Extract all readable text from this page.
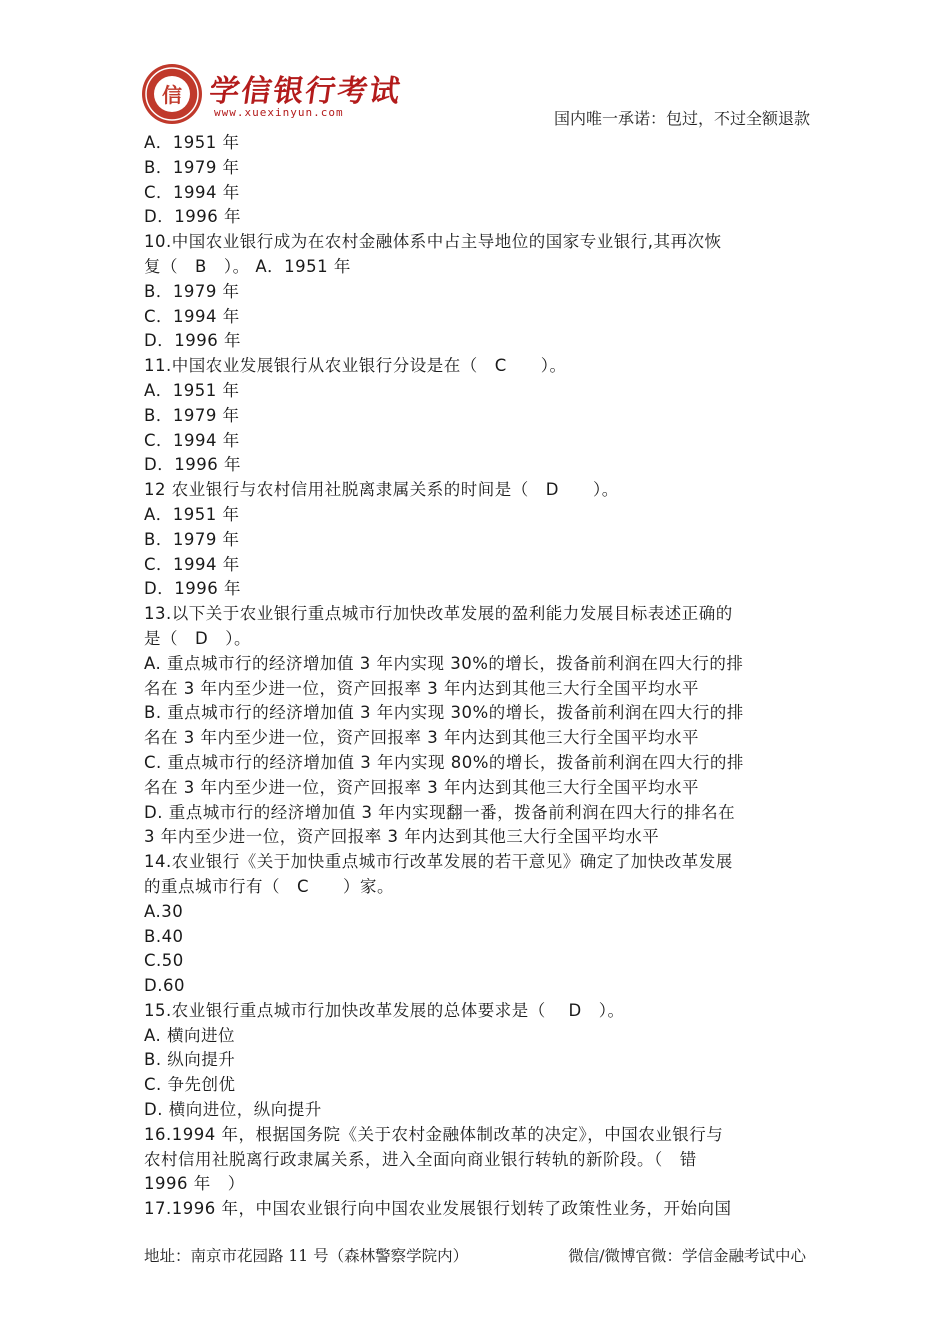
信 学信银行考试
www.xuexinyun.com	国内唯一承诺：包过，不过全额退款
A．1951 年
B．1979 年
C．1994 年
D．1996 年
10.中国农业银行成为在农村金融体系中占主导地位的国家专业银行,其再次恢
复（　B　）。 A．1951 年
B．1979 年
C．1994 年
D．1996 年
11.中国农业发展银行从农业银行分设是在（　C　　）。
A．1951 年
B．1979 年
C．1994 年
D．1996 年
12 农业银行与农村信用社脱离隶属关系的时间是（　D　　）。
A．1951 年
B．1979 年
C．1994 年
D．1996 年
13.以下关于农业银行重点城市行加快改革发展的盈利能力发展目标表述正确的
是（　D　）。
A. 重点城市行的经济增加值 3 年内实现 30%的增长，拨备前利润在四大行的排
名在 3 年内至少进一位，资产回报率 3 年内达到其他三大行全国平均水平
B. 重点城市行的经济增加值 3 年内实现 30%的增长，拨备前利润在四大行的排
名在 3 年内至少进一位，资产回报率 3 年内达到其他三大行全国平均水平
C. 重点城市行的经济增加值 3 年内实现 80%的增长，拨备前利润在四大行的排
名在 3 年内至少进一位，资产回报率 3 年内达到其他三大行全国平均水平
D. 重点城市行的经济增加值 3 年内实现翻一番，拨备前利润在四大行的排名在
3 年内至少进一位，资产回报率 3 年内达到其他三大行全国平均水平
14.农业银行《关于加快重点城市行改革发展的若干意见》确定了加快改革发展
的重点城市行有（　C　　）家。
A.30
B.40
C.50
D.60
15.农业银行重点城市行加快改革发展的总体要求是（　 D　）。
A. 横向进位
B. 纵向提升
C. 争先创优
D. 横向进位，纵向提升
16.1994 年，根据国务院《关于农村金融体制改革的决定》，中国农业银行与
农村信用社脱离行政隶属关系，进入全面向商业银行转轨的新阶段。（　错
1996 年　）
17.1996 年，中国农业银行向中国农业发展银行划转了政策性业务，开始向国
地址：南京市花园路 11 号（森林警察学院内）	微信/微博官微：学信金融考试中心
